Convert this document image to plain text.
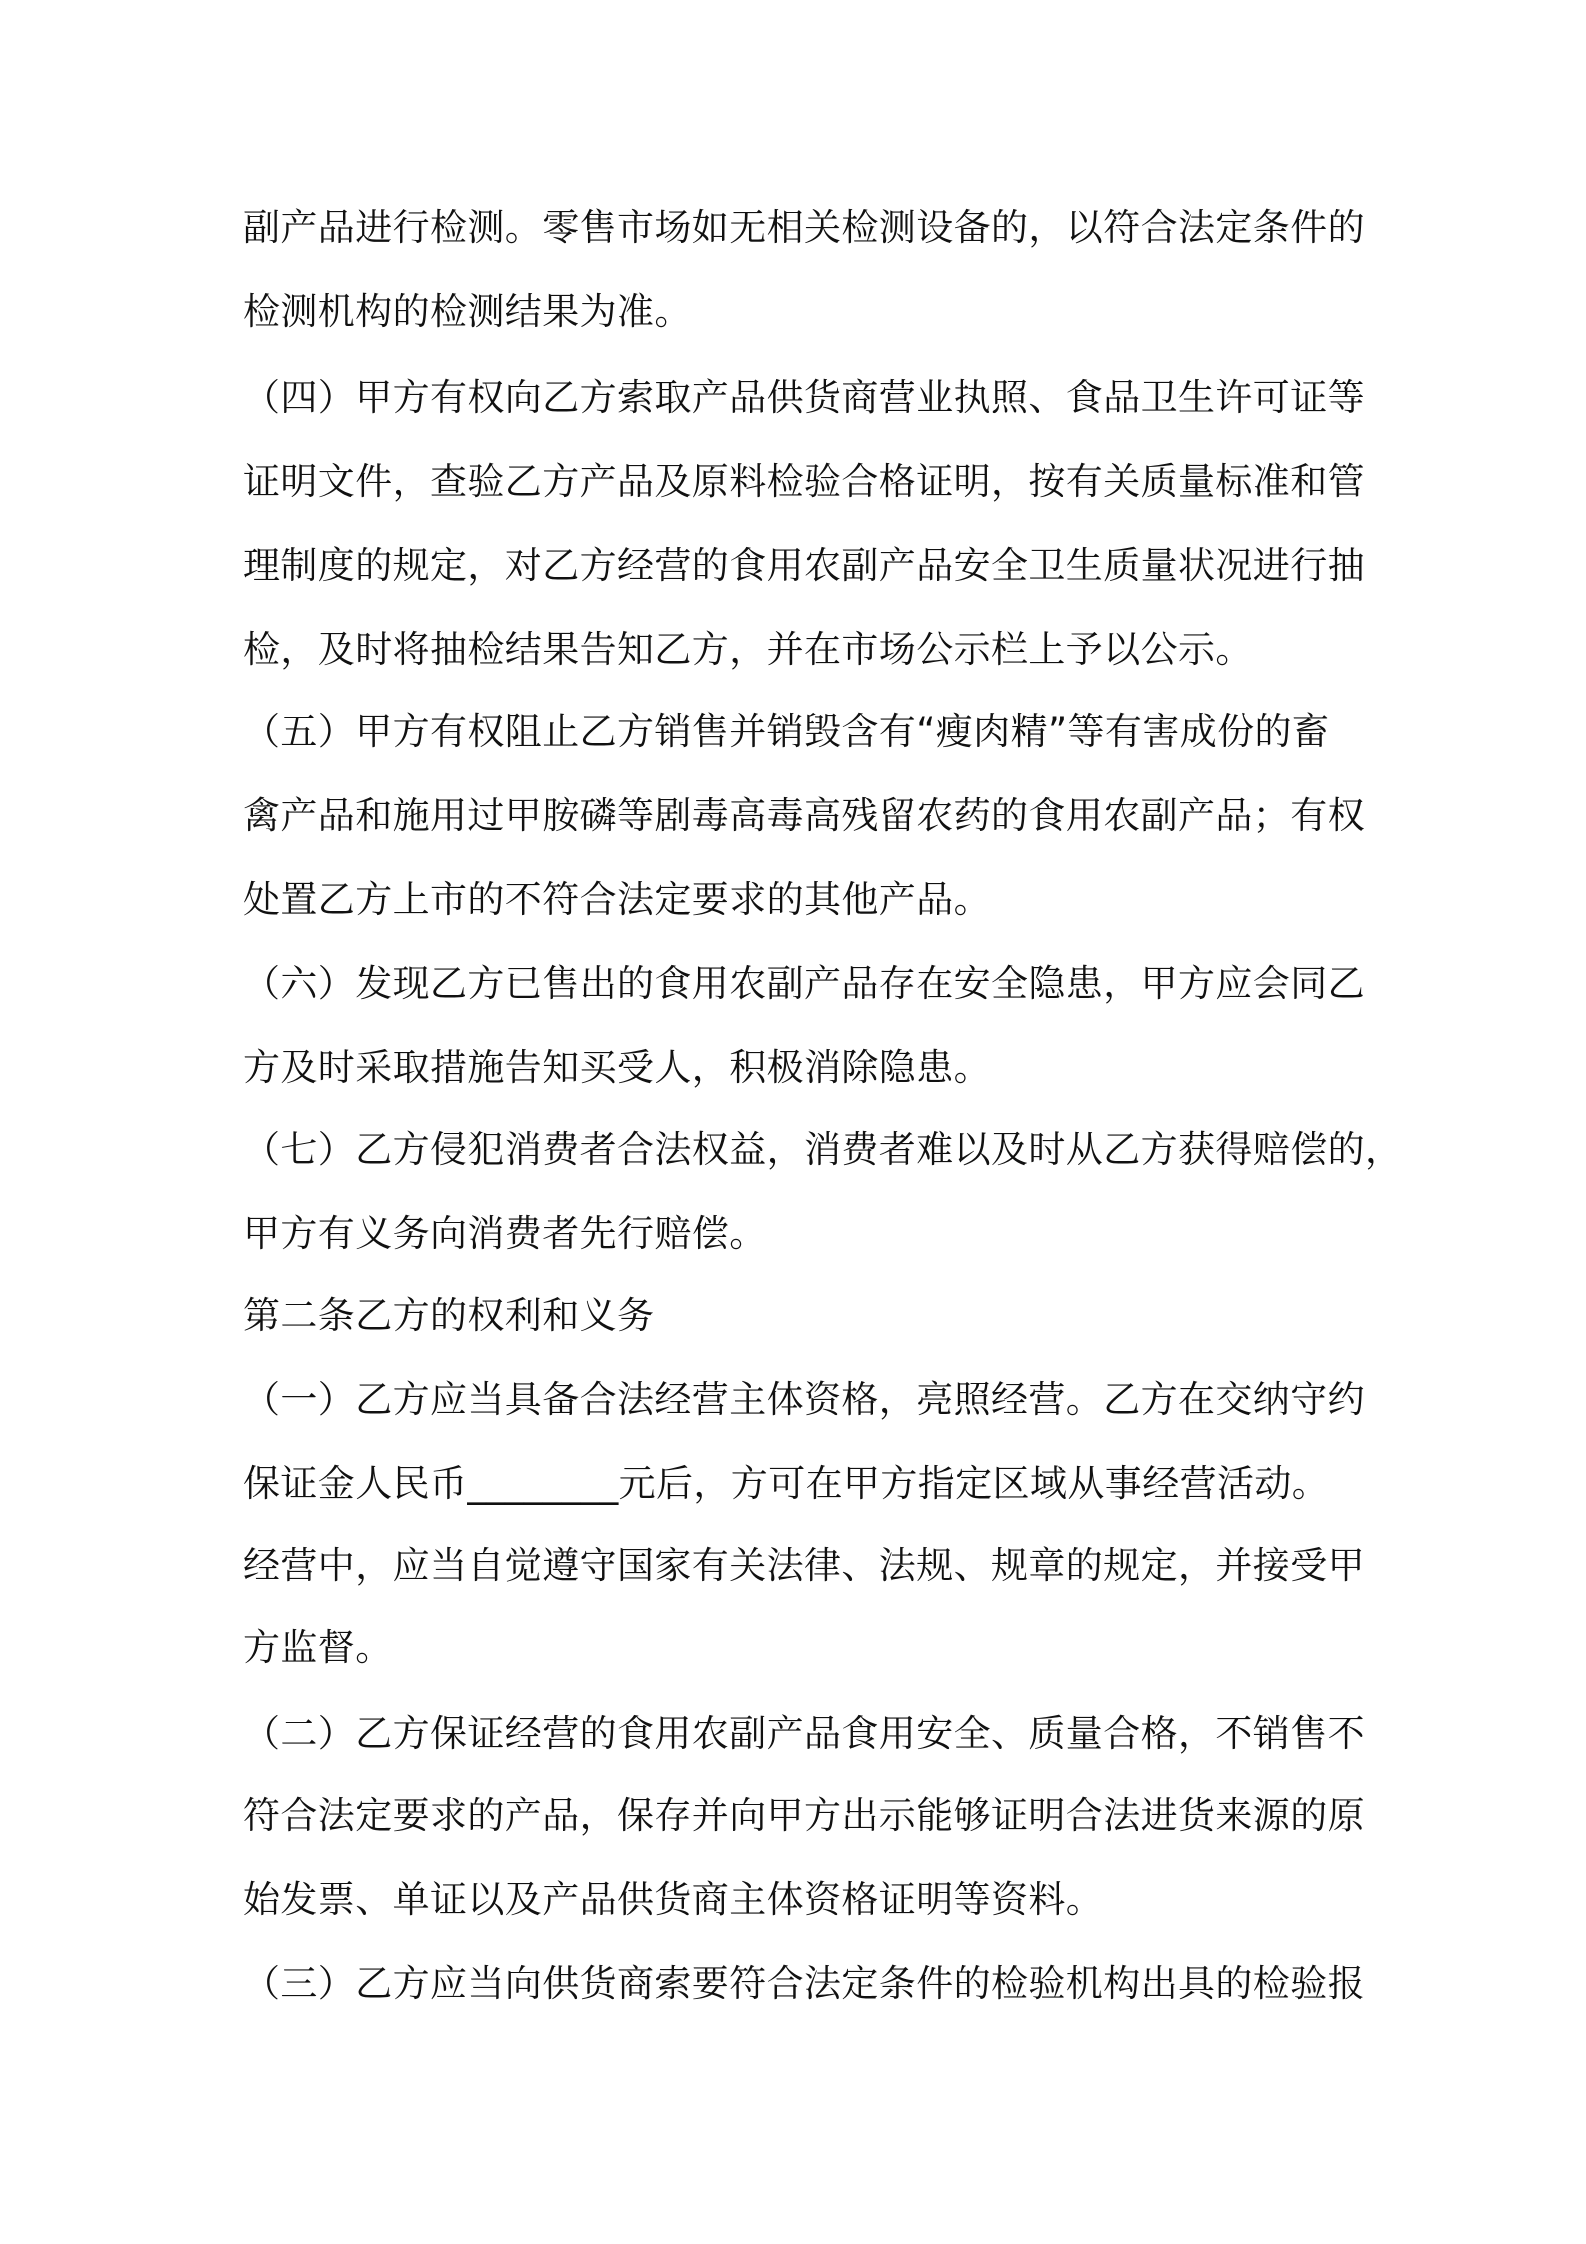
副产品进行检测。零售市场如无相关检测设备的，以符合法定条件的
检测机构的检测结果为准。
（四）甲方有权向乙方索取产品供货商营业执照、食品卫生许可证等
证明文件，查验乙方产品及原料检验合格证明，按有关质量标准和管
理制度的规定，对乙方经营的食用农副产品安全卫生质量状况进行抽
检，及时将抽检结果告知乙方，并在市场公示栏上予以公示。
（五）甲方有权阻止乙方销售并销毁含有“瘦肉精”等有害成份的畜
禽产品和施用过甲胺磷等剧毒高毒高残留农药的食用农副产品；有权
处置乙方上市的不符合法定要求的其他产品。
（六）发现乙方已售出的食用农副产品存在安全隐患，甲方应会同乙
方及时采取措施告知买受人，积极消除隐患。
（七）乙方侵犯消费者合法权益，消费者难以及时从乙方获得赔偿的，
甲方有义务向消费者先行赔偿。
第二条乙方的权利和义务
（一）乙方应当具备合法经营主体资格，亮照经营。乙方在交纳守约
保证金人民币________元后，方可在甲方指定区域从事经营活动。
经营中，应当自觉遵守国家有关法律、法规、规章的规定，并接受甲
方监督。
（二）乙方保证经营的食用农副产品食用安全、质量合格，不销售不
符合法定要求的产品，保存并向甲方出示能够证明合法进货来源的原
始发票、单证以及产品供货商主体资格证明等资料。
（三）乙方应当向供货商索要符合法定条件的检验机构出具的检验报
